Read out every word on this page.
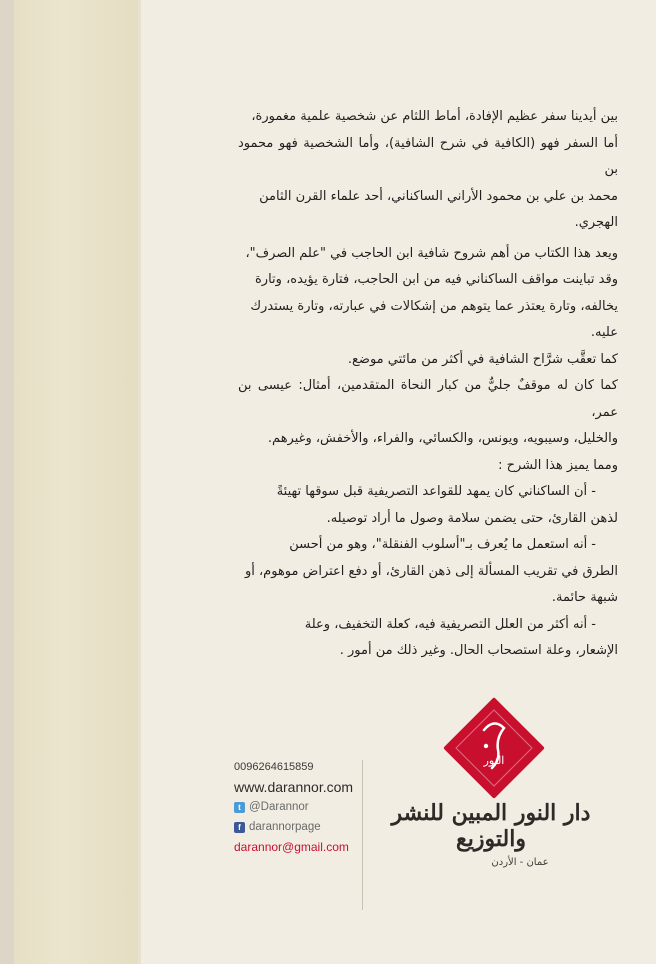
بين أيدينا سفر عظيم الإفادة، أماط اللثام عن شخصية علمية مغمورة،

أما السفر فهو (الكافية في شرح الشافية)، وأما الشخصية فهو محمود بن

محمد بن علي بن محمود الأراني الساكناني، أحد علماء القرن الثامن

الهجري.

ويعد هذا الكتاب من أهم شروح شافية ابن الحاجب في "علم الصرف"،

وقد تباينت مواقف الساكناني فيه من ابن الحاجب، فتارة يؤيده، وتارة

يخالفه، وتارة يعتذر عما يتوهم من إشكالات في عبارته، وتارة يستدرك

عليه.

كما تعقَّب شرَّاح الشافية في أكثر من مائتي موضع.

كما كان له موقفٌ جليٌّ من كبار النحاة المتقدمين، أمثال: عيسى بن عمر،

والخليل، وسيبويه، ويونس، والكسائي، والفراء، والأخفش، وغيرهم.

ومما يميز هذا الشرح :

- أن الساكناني كان يمهد للقواعد التصريفية قبل سوقها تهيئةً

لذهن القارئ، حتى يضمن سلامة وصول ما أراد توصيله.

- أنه استعمل ما يُعرف بـ"أسلوب الفنقلة"، وهو من أحسن

الطرق في تقريب المسألة إلى ذهن القارئ، أو دفع اعتراض موهوم، أو

شبهة حائمة.

- أنه أكثر من العلل التصريفية فيه، كعلة التخفيف، وعلة

الإشعار، وعلة استصحاب الحال. وغير ذلك من أمور .

النور
0096264615859
www.darannor.com
t @Darannor
f darannorpage
darannor@gmail.com
دار النور المبين للنشر والتوزيع
عمان - الأردن
